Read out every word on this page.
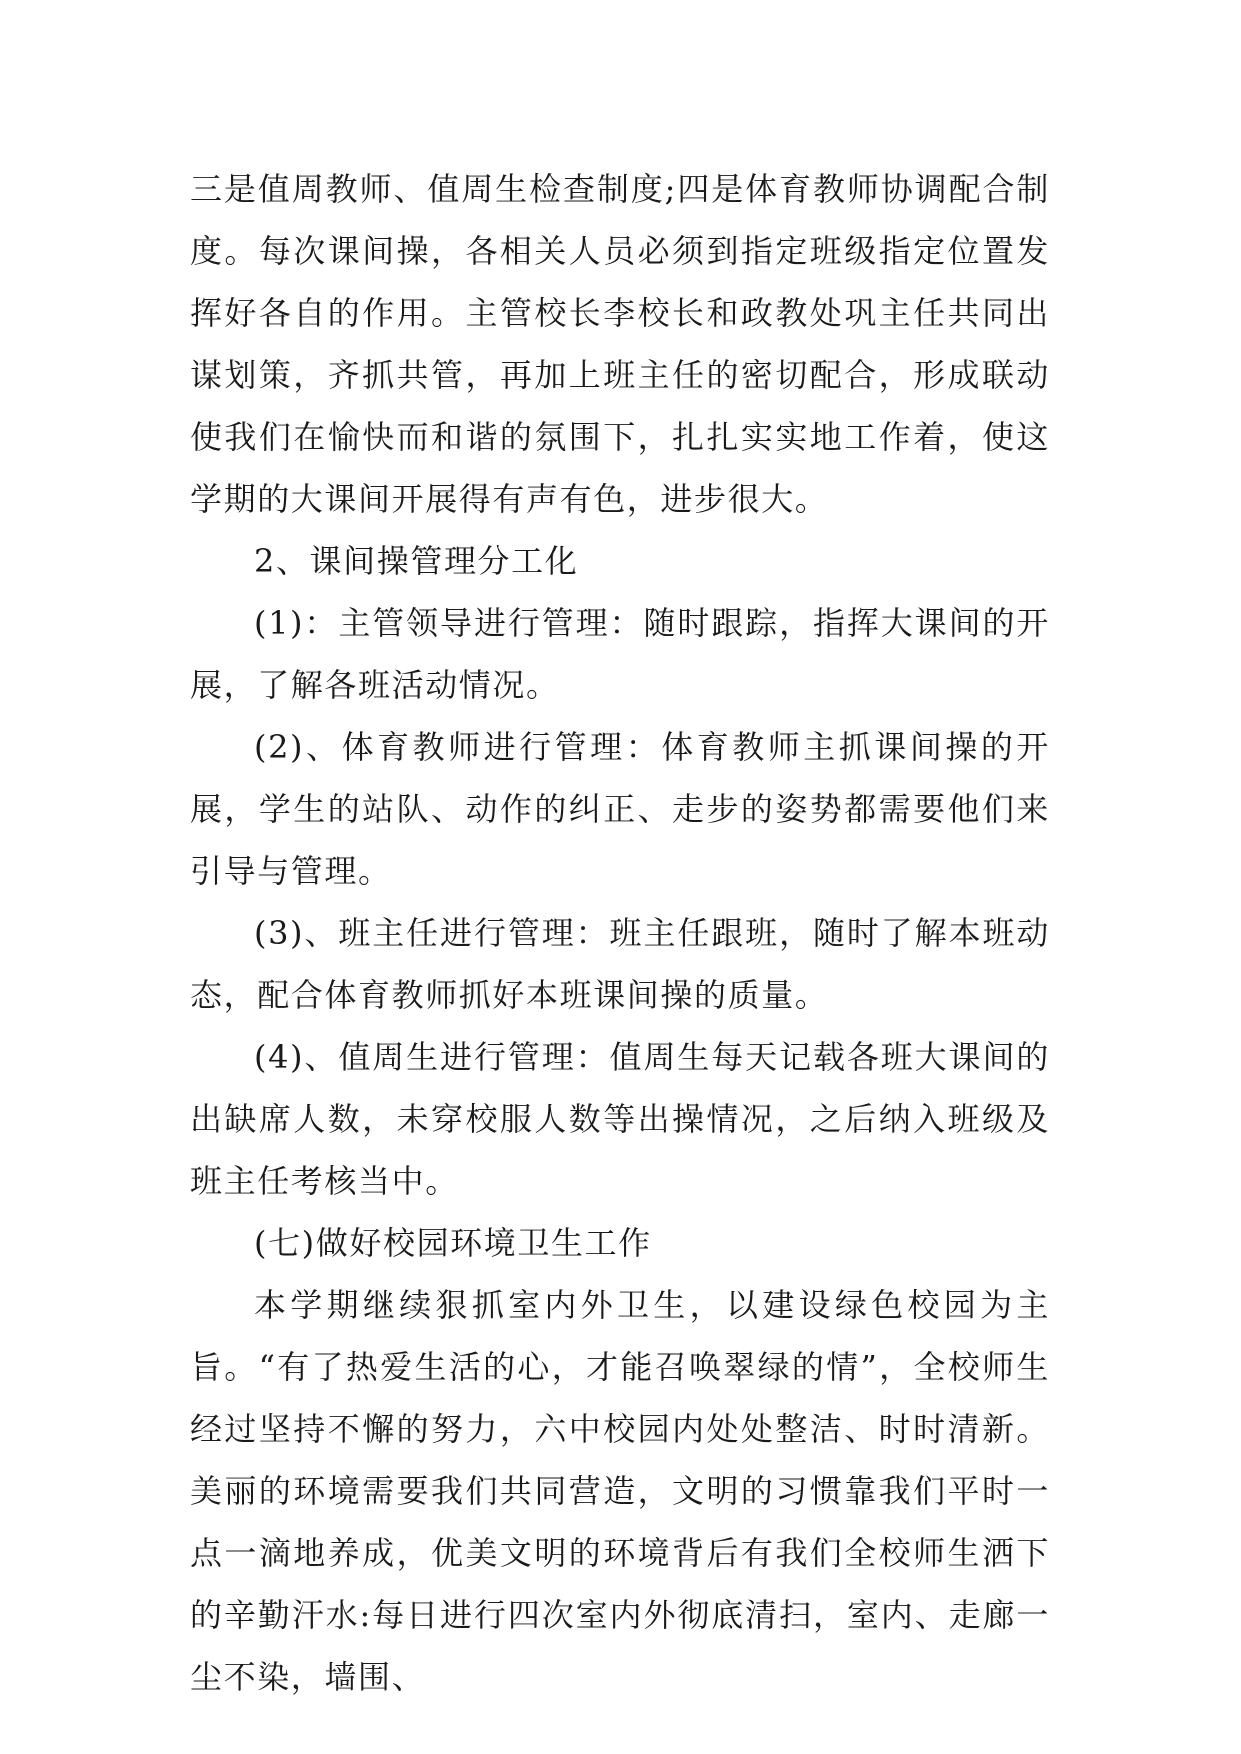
三是值周教师、值周生检查制度;四是体育教师协调配合制度。每次课间操，各相关人员必须到指定班级指定位置发挥好各自的作用。主管校长李校长和政教处巩主任共同出谋划策，齐抓共管，再加上班主任的密切配合，形成联动使我们在愉快而和谐的氛围下，扎扎实实地工作着，使这学期的大课间开展得有声有色，进步很大。

2、课间操管理分工化

(1)：主管领导进行管理：随时跟踪，指挥大课间的开展，了解各班活动情况。

(2)、体育教师进行管理：体育教师主抓课间操的开展，学生的站队、动作的纠正、走步的姿势都需要他们来引导与管理。

(3)、班主任进行管理：班主任跟班，随时了解本班动态，配合体育教师抓好本班课间操的质量。

(4)、值周生进行管理：值周生每天记载各班大课间的出缺席人数，未穿校服人数等出操情况，之后纳入班级及班主任考核当中。

(七)做好校园环境卫生工作

本学期继续狠抓室内外卫生，以建设绿色校园为主旨。“有了热爱生活的心，才能召唤翠绿的情”，全校师生经过坚持不懈的努力，六中校园内处处整洁、时时清新。美丽的环境需要我们共同营造，文明的习惯靠我们平时一点一滴地养成，优美文明的环境背后有我们全校师生洒下的辛勤汗水:每日进行四次室内外彻底清扫，室内、走廊一尘不染，墙围、
